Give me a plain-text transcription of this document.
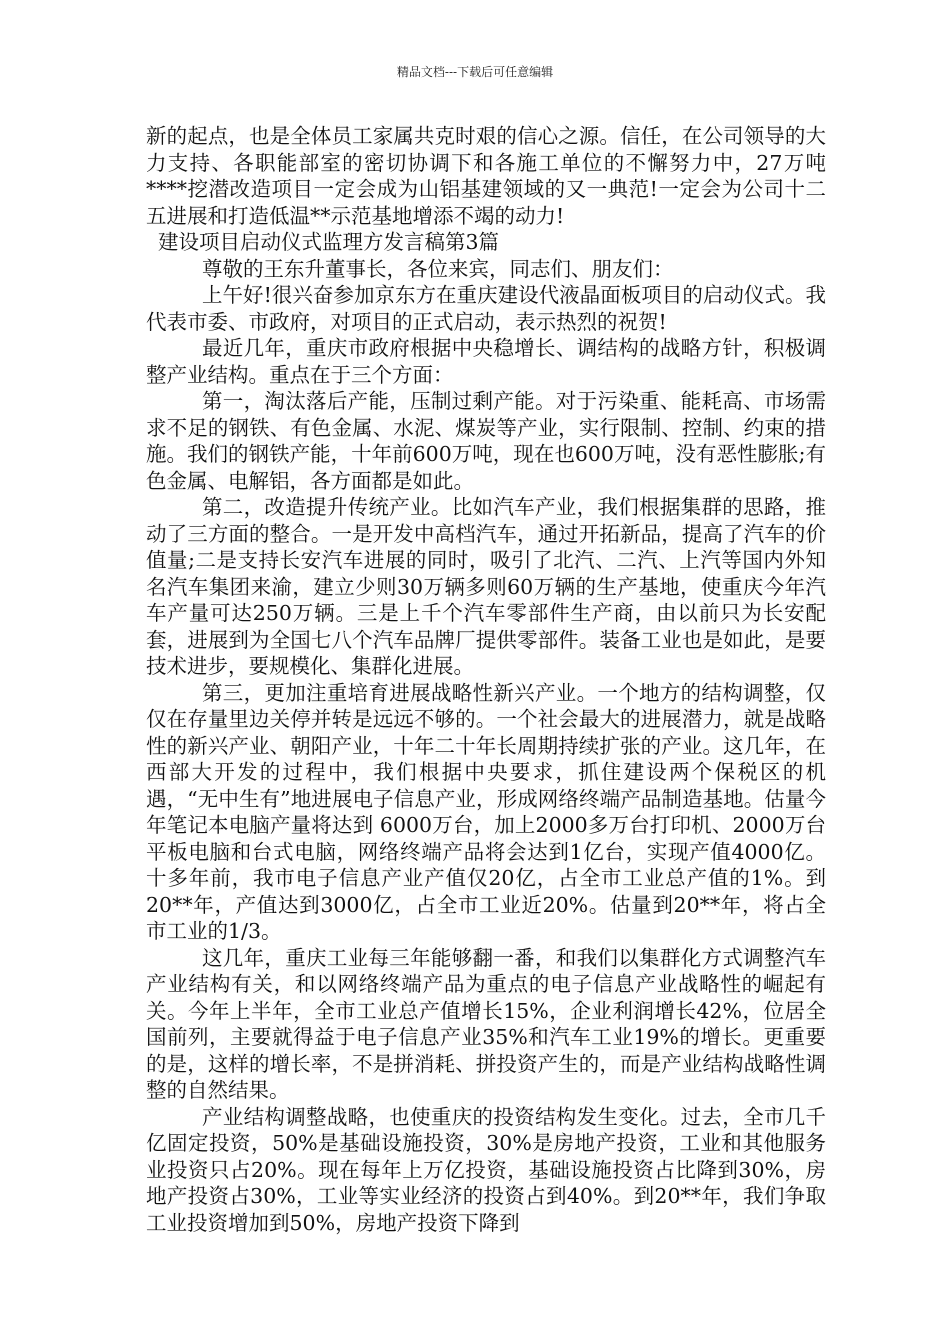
精品文档---下载后可任意编辑

新的起点，也是全体员工家属共克时艰的信心之源。信任，在公司领导的大力支持、各职能部室的密切协调下和各施工单位的不懈努力中，27万吨****挖潜改造项目一定会成为山铝基建领域的又一典范!一定会为公司十二五进展和打造低温**示范基地增添不竭的动力!

建设项目启动仪式监理方发言稿第3篇

尊敬的王东升董事长，各位来宾，同志们、朋友们：

上午好!很兴奋参加京东方在重庆建设代液晶面板项目的启动仪式。我代表市委、市政府，对项目的正式启动，表示热烈的祝贺!

最近几年，重庆市政府根据中央稳增长、调结构的战略方针，积极调整产业结构。重点在于三个方面：

第一，淘汰落后产能，压制过剩产能。对于污染重、能耗高、市场需求不足的钢铁、有色金属、水泥、煤炭等产业，实行限制、控制、约束的措施。我们的钢铁产能，十年前600万吨，现在也600万吨，没有恶性膨胀;有色金属、电解铝，各方面都是如此。

第二，改造提升传统产业。比如汽车产业，我们根据集群的思路，推动了三方面的整合。一是开发中高档汽车，通过开拓新品，提高了汽车的价值量;二是支持长安汽车进展的同时，吸引了北汽、二汽、上汽等国内外知名汽车集团来渝，建立少则30万辆多则60万辆的生产基地，使重庆今年汽车产量可达250万辆。三是上千个汽车零部件生产商，由以前只为长安配套，进展到为全国七八个汽车品牌厂提供零部件。装备工业也是如此，是要技术进步，要规模化、集群化进展。

第三，更加注重培育进展战略性新兴产业。一个地方的结构调整，仅仅在存量里边关停并转是远远不够的。一个社会最大的进展潜力，就是战略性的新兴产业、朝阳产业，十年二十年长周期持续扩张的产业。这几年，在西部大开发的过程中，我们根据中央要求，抓住建设两个保税区的机遇，“无中生有”地进展电子信息产业，形成网络终端产品制造基地。估量今年笔记本电脑产量将达到 6000万台，加上2000多万台打印机、2000万台平板电脑和台式电脑，网络终端产品将会达到1亿台，实现产值4000亿。十多年前，我市电子信息产业产值仅20亿，占全市工业总产值的1%。到20**年，产值达到3000亿，占全市工业近20%。估量到20**年，将占全市工业的1/3。

这几年，重庆工业每三年能够翻一番，和我们以集群化方式调整汽车产业结构有关，和以网络终端产品为重点的电子信息产业战略性的崛起有关。今年上半年，全市工业总产值增长15%，企业利润增长42%，位居全国前列，主要就得益于电子信息产业35%和汽车工业19%的增长。更重要的是，这样的增长率，不是拼消耗、拼投资产生的，而是产业结构战略性调整的自然结果。

产业结构调整战略，也使重庆的投资结构发生变化。过去，全市几千亿固定投资，50%是基础设施投资，30%是房地产投资，工业和其他服务业投资只占20%。现在每年上万亿投资，基础设施投资占比降到30%，房地产投资占30%，工业等实业经济的投资占到40%。到20**年，我们争取工业投资增加到50%，房地产投资下降到
